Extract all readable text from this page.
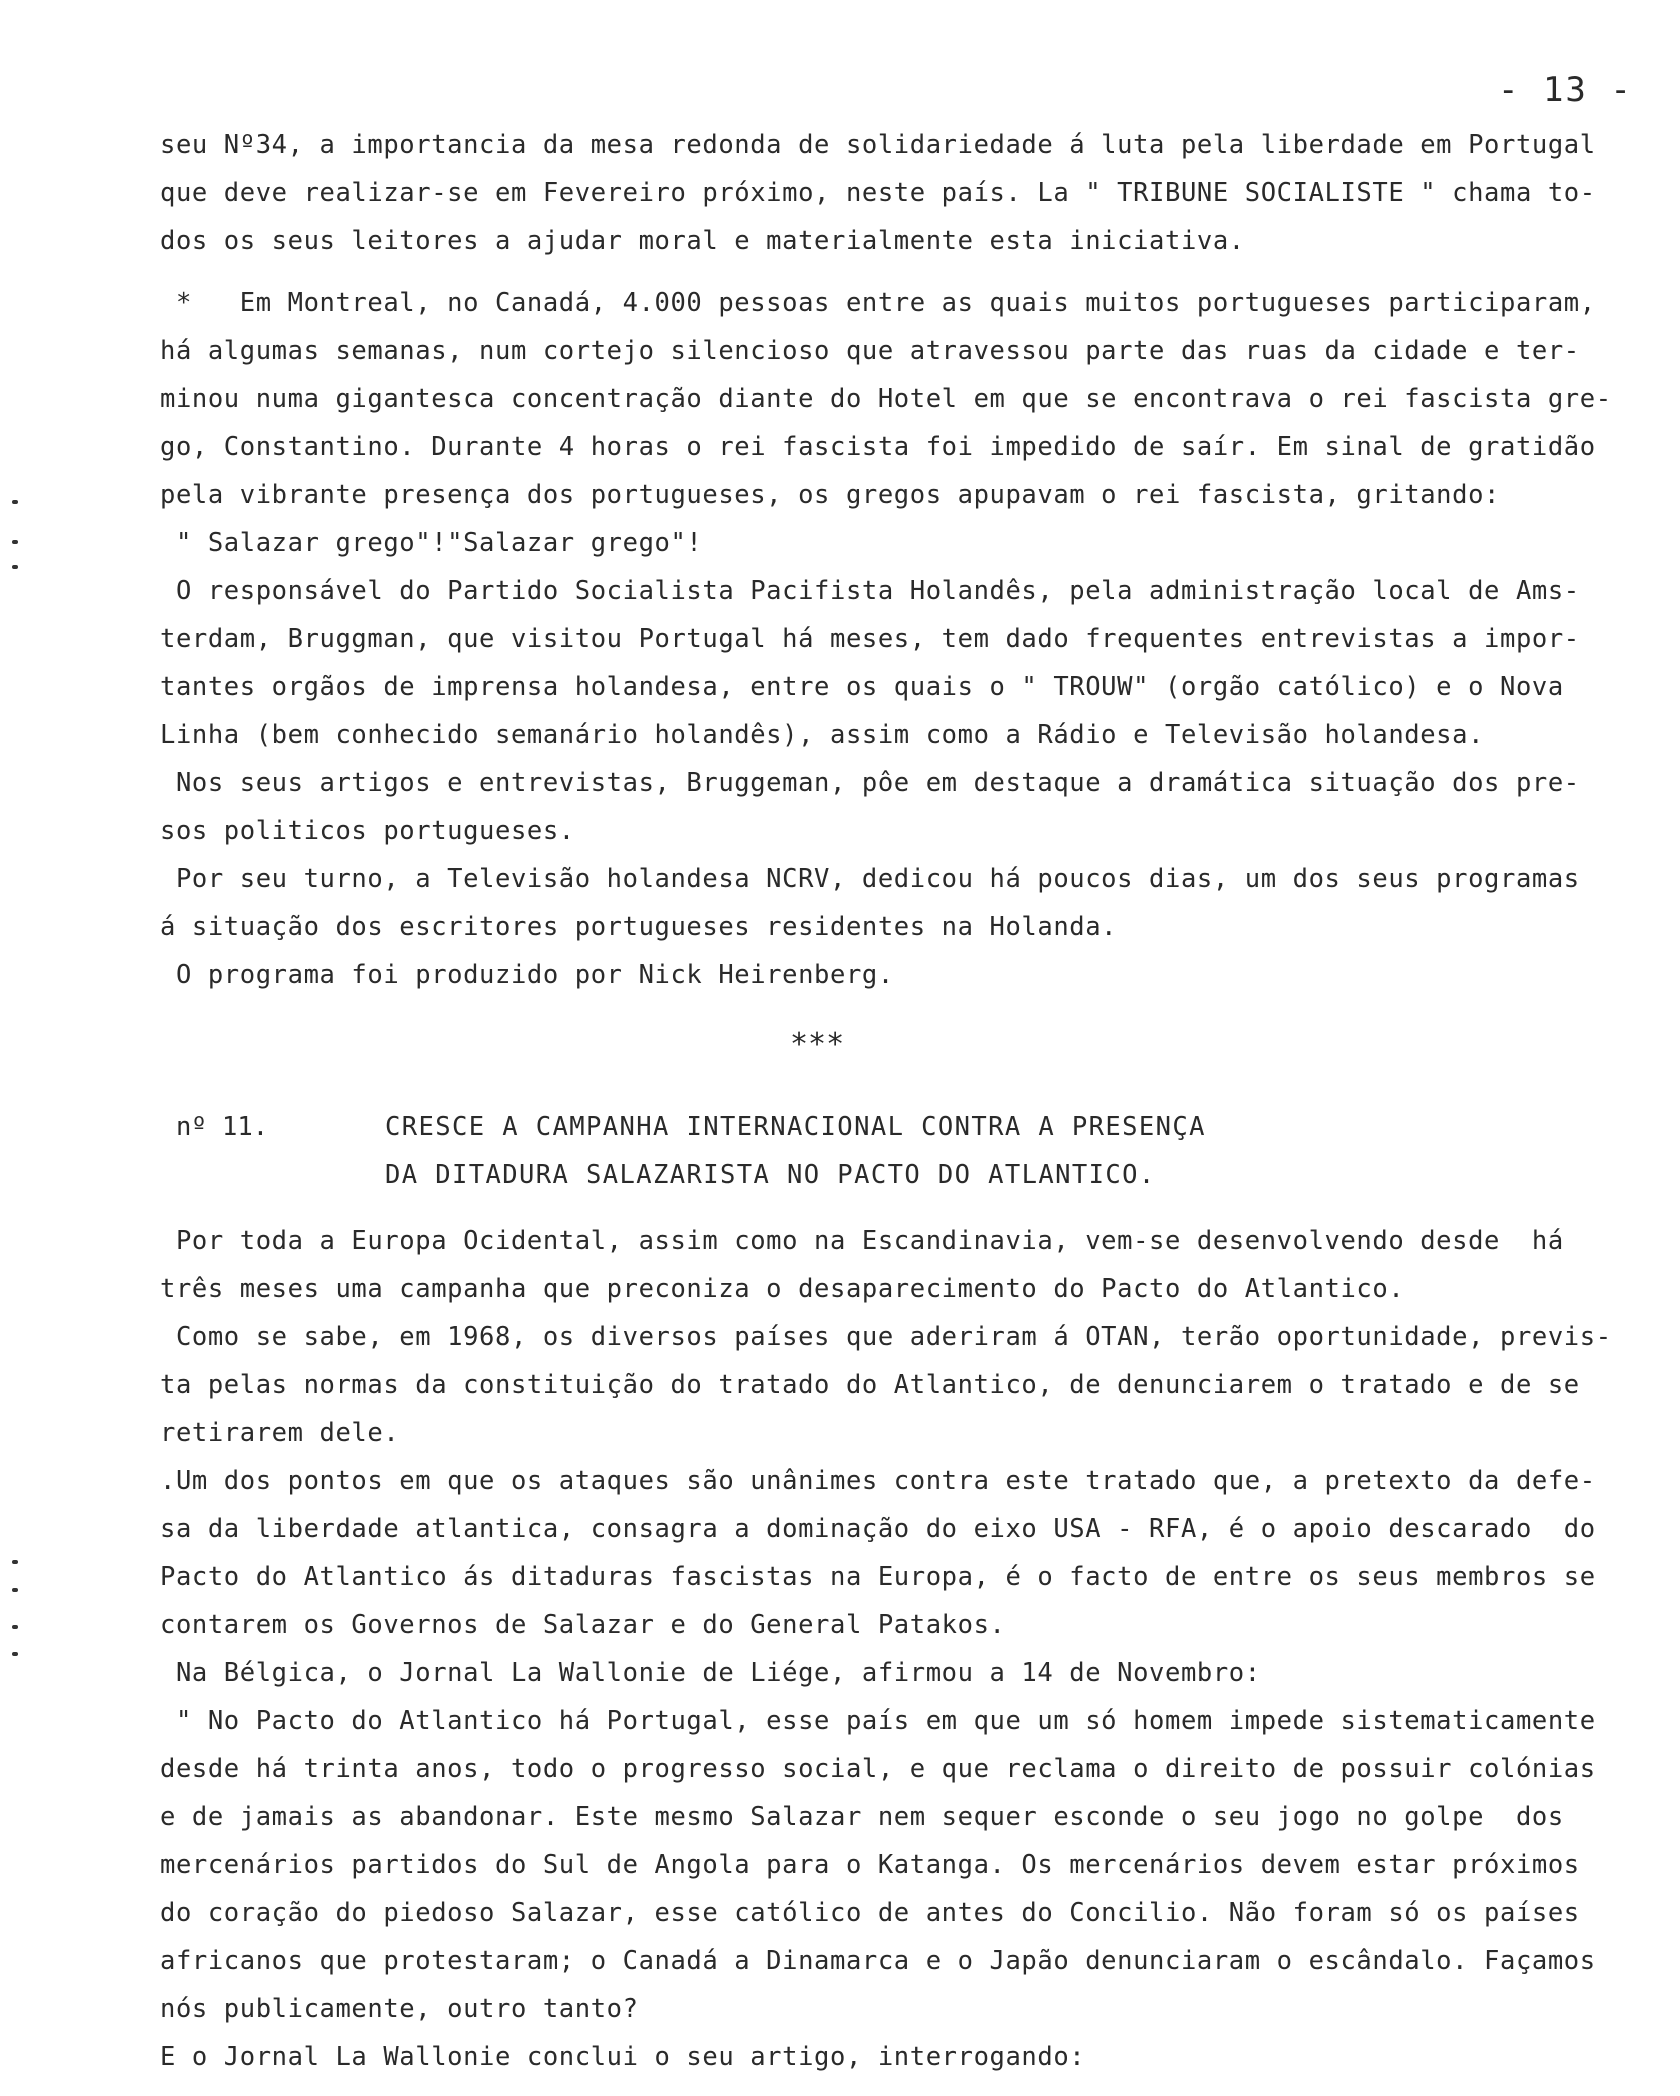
- 13 -

seu Nº34, a importancia da mesa redonda de solidariedade á luta pela liberdade em Portugal

que deve realizar-se em Fevereiro próximo, neste país. La " TRIBUNE SOCIALISTE " chama to-

dos os seus leitores a ajudar moral e materialmente esta iniciativa.

*   Em Montreal, no Canadá, 4.000 pessoas entre as quais muitos portugueses participaram,

há algumas semanas, num cortejo silencioso que atravessou parte das ruas da cidade e ter-

minou numa gigantesca concentração diante do Hotel em que se encontrava o rei fascista gre-

go, Constantino. Durante 4 horas o rei fascista foi impedido de saír. Em sinal de gratidão

pela vibrante presença dos portugueses, os gregos apupavam o rei fascista, gritando:

" Salazar grego"!"Salazar grego"!

O responsável do Partido Socialista Pacifista Holandês, pela administração local de Ams-

terdam, Bruggman, que visitou Portugal há meses, tem dado frequentes entrevistas a impor-

tantes orgãos de imprensa holandesa, entre os quais o " TROUW" (orgão católico) e o Nova

Linha (bem conhecido semanário holandês), assim como a Rádio e Televisão holandesa.

Nos seus artigos e entrevistas, Bruggeman, pôe em destaque a dramática situação dos pre-

sos politicos portugueses.

Por seu turno, a Televisão holandesa NCRV, dedicou há poucos dias, um dos seus programas

á situação dos escritores portugueses residentes na Holanda.

O programa foi produzido por Nick Heirenberg.

***
nº 11.	CRESCE A CAMPANHA INTERNACIONAL CONTRA A PRESENÇA
DA DITADURA SALAZARISTA NO PACTO DO ATLANTICO.

Por toda a Europa Ocidental, assim como na Escandinavia, vem-se desenvolvendo desde  há

três meses uma campanha que preconiza o desaparecimento do Pacto do Atlantico.

Como se sabe, em 1968, os diversos países que aderiram á OTAN, terão oportunidade, previs-

ta pelas normas da constituição do tratado do Atlantico, de denunciarem o tratado e de se

retirarem dele.

.Um dos pontos em que os ataques são unânimes contra este tratado que, a pretexto da defe-

sa da liberdade atlantica, consagra a dominação do eixo USA - RFA, é o apoio descarado  do

Pacto do Atlantico ás ditaduras fascistas na Europa, é o facto de entre os seus membros se

contarem os Governos de Salazar e do General Patakos.

Na Bélgica, o Jornal La Wallonie de Liége, afirmou a 14 de Novembro:

" No Pacto do Atlantico há Portugal, esse país em que um só homem impede sistematicamente

desde há trinta anos, todo o progresso social, e que reclama o direito de possuir colónias

e de jamais as abandonar. Este mesmo Salazar nem sequer esconde o seu jogo no golpe  dos

mercenários partidos do Sul de Angola para o Katanga. Os mercenários devem estar próximos

do coração do piedoso Salazar, esse católico de antes do Concilio. Não foram só os países

africanos que protestaram; o Canadá a Dinamarca e o Japão denunciaram o escândalo. Façamos

nós publicamente, outro tanto?

E o Jornal La Wallonie conclui o seu artigo, interrogando:
